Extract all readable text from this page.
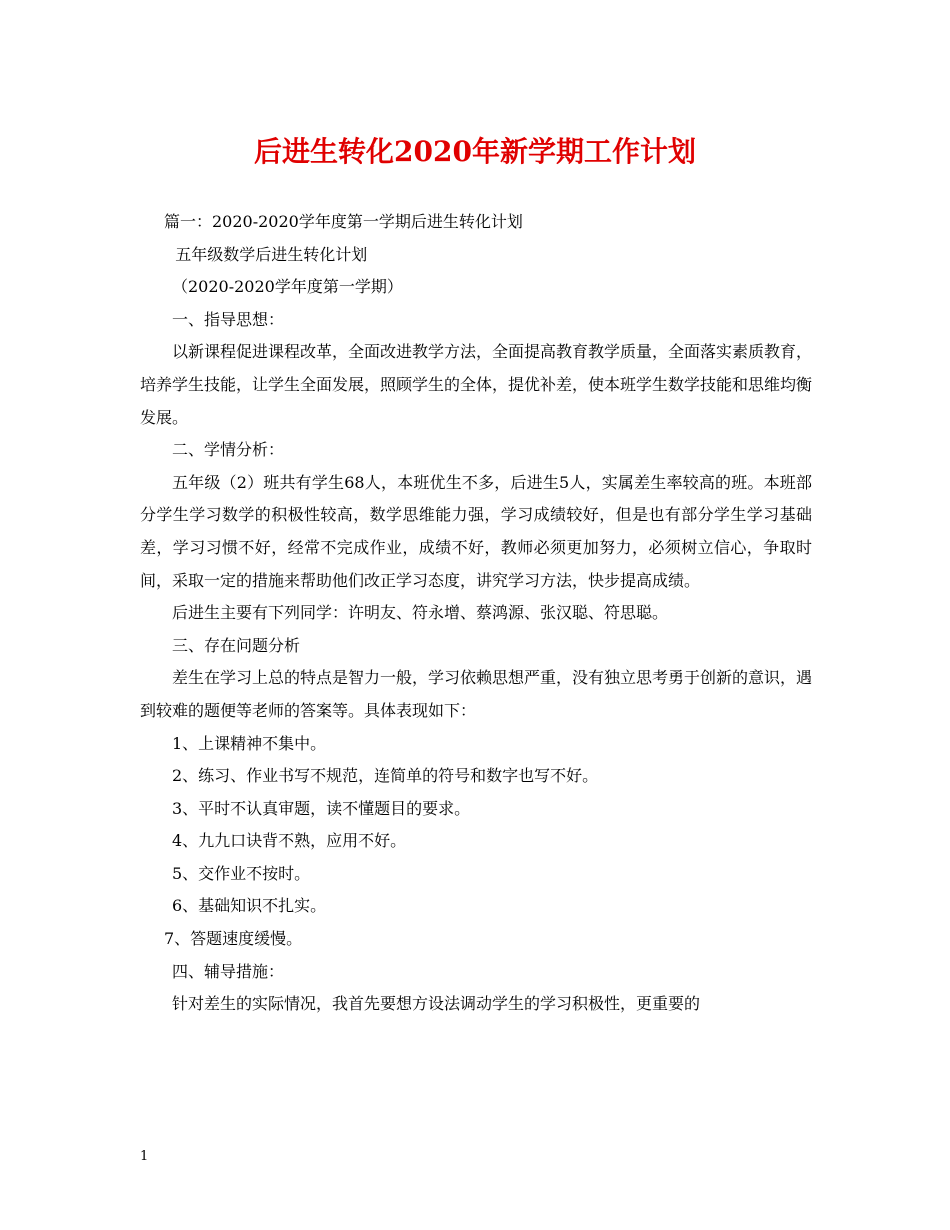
后进生转化2020年新学期工作计划

篇一：2020-2020学年度第一学期后进生转化计划

五年级数学后进生转化计划

（2020-2020学年度第一学期）

一、指导思想：

以新课程促进课程改革，全面改进教学方法，全面提高教育教学质量，全面落实素质教育，培养学生技能，让学生全面发展，照顾学生的全体，提优补差，使本班学生数学技能和思维均衡发展。

二、学情分析：

五年级（2）班共有学生68人，本班优生不多，后进生5人，实属差生率较高的班。本班部分学生学习数学的积极性较高，数学思维能力强，学习成绩较好，但是也有部分学生学习基础差，学习习惯不好，经常不完成作业，成绩不好，教师必须更加努力，必须树立信心，争取时间，采取一定的措施来帮助他们改正学习态度，讲究学习方法，快步提高成绩。

后进生主要有下列同学：许明友、符永增、蔡鸿源、张汉聪、符思聪。

三、存在问题分析

差生在学习上总的特点是智力一般，学习依赖思想严重，没有独立思考勇于创新的意识，遇到较难的题便等老师的答案等。具体表现如下：

1、上课精神不集中。

2、练习、作业书写不规范，连简单的符号和数字也写不好。

3、平时不认真审题，读不懂题目的要求。

4、九九口诀背不熟，应用不好。

5、交作业不按时。

6、基础知识不扎实。

7、答题速度缓慢。

四、辅导措施：

针对差生的实际情况，我首先要想方设法调动学生的学习积极性，更重要的

1
